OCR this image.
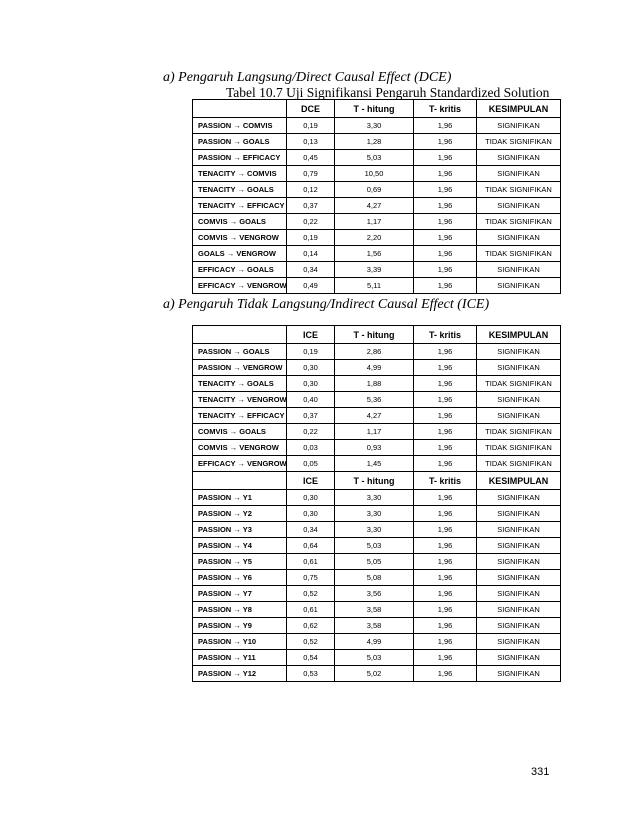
a) Pengaruh Langsung/Direct Causal Effect (DCE)
Tabel 10.7 Uji Signifikansi Pengaruh Standardized Solution
	DCE	T - hitung	T- kritis	KESIMPULAN
PASSION → COMVIS	0,19	3,30	1,96	SIGNIFIKAN
PASSION → GOALS	0,13	1,28	1,96	TIDAK SIGNIFIKAN
PASSION → EFFICACY	0,45	5,03	1,96	SIGNIFIKAN
TENACITY → COMVIS	0,79	10,50	1,96	SIGNIFIKAN
TENACITY → GOALS	0,12	0,69	1,96	TIDAK SIGNIFIKAN
TENACITY → EFFICACY	0,37	4,27	1,96	SIGNIFIKAN
COMVIS → GOALS	0,22	1,17	1,96	TIDAK SIGNIFIKAN
COMVIS → VENGROW	0,19	2,20	1,96	SIGNIFIKAN
GOALS → VENGROW	0,14	1,56	1,96	TIDAK SIGNIFIKAN
EFFICACY → GOALS	0,34	3,39	1,96	SIGNIFIKAN
EFFICACY → VENGROW	0,49	5,11	1,96	SIGNIFIKAN
a) Pengaruh Tidak Langsung/Indirect Causal Effect (ICE)
	ICE	T - hitung	T- kritis	KESIMPULAN
PASSION → GOALS	0,19	2,86	1,96	SIGNIFIKAN
PASSION → VENGROW	0,30	4,99	1,96	SIGNIFIKAN
TENACITY → GOALS	0,30	1,88	1,96	TIDAK SIGNIFIKAN
TENACITY → VENGROW	0,40	5,36	1,96	SIGNIFIKAN
TENACITY → EFFICACY	0,37	4,27	1,96	SIGNIFIKAN
COMVIS → GOALS	0,22	1,17	1,96	TIDAK SIGNIFIKAN
COMVIS → VENGROW	0,03	0,93	1,96	TIDAK SIGNIFIKAN
EFFICACY → VENGROW	0,05	1,45	1,96	TIDAK SIGNIFIKAN
	ICE	T - hitung	T- kritis	KESIMPULAN
PASSION → Y1	0,30	3,30	1,96	SIGNIFIKAN
PASSION → Y2	0,30	3,30	1,96	SIGNIFIKAN
PASSION → Y3	0,34	3,30	1,96	SIGNIFIKAN
PASSION → Y4	0,64	5,03	1,96	SIGNIFIKAN
PASSION → Y5	0,61	5,05	1,96	SIGNIFIKAN
PASSION → Y6	0,75	5,08	1,96	SIGNIFIKAN
PASSION → Y7	0,52	3,56	1,96	SIGNIFIKAN
PASSION → Y8	0,61	3,58	1,96	SIGNIFIKAN
PASSION → Y9	0,62	3,58	1,96	SIGNIFIKAN
PASSION → Y10	0,52	4,99	1,96	SIGNIFIKAN
PASSION → Y11	0,54	5,03	1,96	SIGNIFIKAN
PASSION → Y12	0,53	5,02	1,96	SIGNIFIKAN
331
